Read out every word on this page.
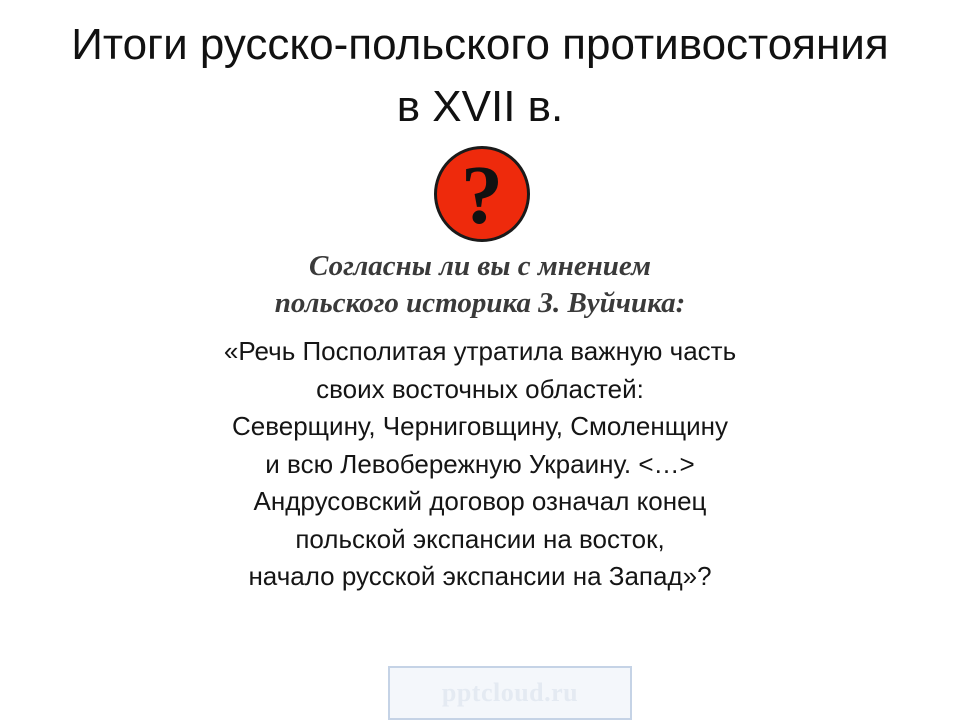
Итоги русско-польского противостояния
в XVII в.
?
Согласны ли вы с мнением
польского историка З. Вуйчика:
«Речь Посполитая утратила важную часть
своих восточных областей:
Северщину, Черниговщину, Смоленщину
и всю Левобережную Украину. <…>
Андрусовский договор означал конец
польской экспансии на восток,
начало русской экспансии на Запад»?
pptcloud.ru
